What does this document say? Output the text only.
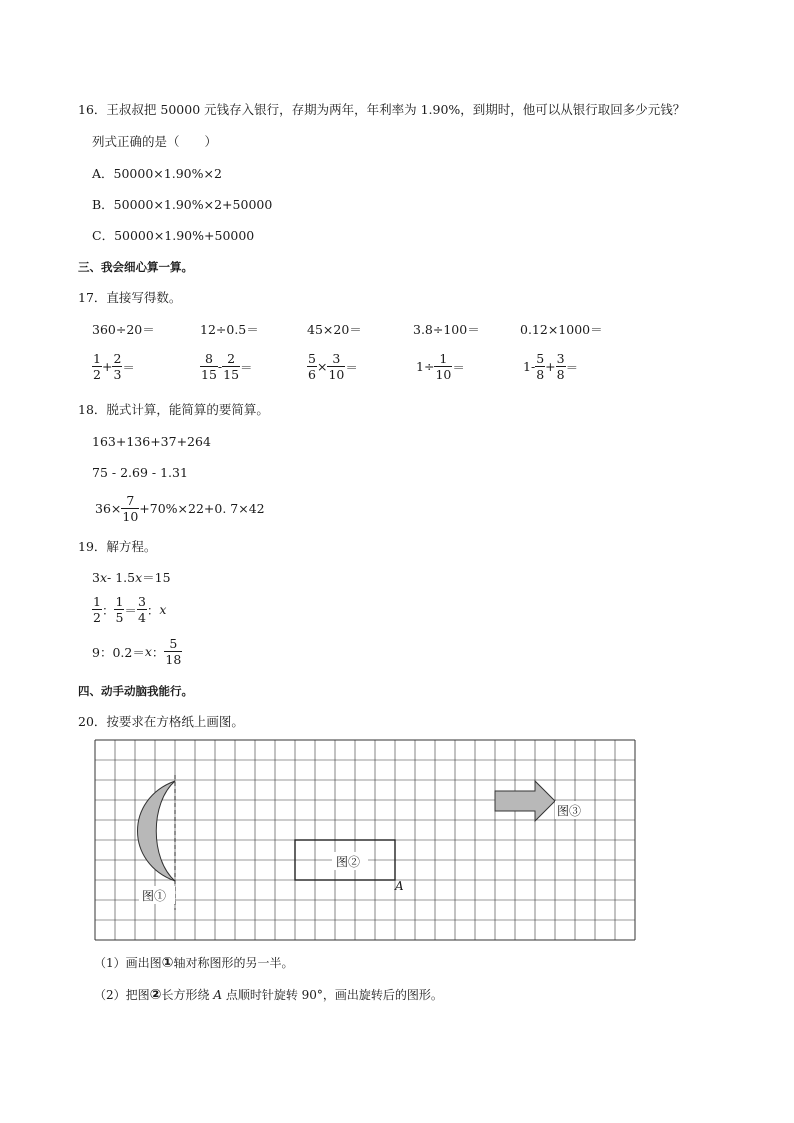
16．王叔叔把 50000 元钱存入银行，存期为两年，年利率为 1.90%，到期时，他可以从银行取回多少元钱？
列式正确的是（　　）
A．50000×1.90%×2
B．50000×1.90%×2+50000
C．50000×1.90%+50000
三、我会细心算一算。
17．直接写得数。
360÷20＝	12÷0.5＝	45×20＝	3.8÷100＝	0.12×1000＝
$\frac{1}{2} + \frac{2}{3}$ ＝	$\frac{8}{15} - \frac{2}{15}$ ＝	$\frac{5}{6} \times \frac{3}{10}$ ＝	$1\div \frac{1}{10}$ ＝	$1- \frac{5}{8} + \frac{3}{8}$ ＝
18．脱式计算，能简算的要简算。
163+136+37+264
75 - 2.69 - 1.31
$36\times \frac{7}{10} +70\%\times 22+0$. 7×42
19．解方程。
3 x - 1.5 x ＝15
$\frac{1}{2}$ ： $\frac{1}{5} = \frac{3}{4}$ ： x
9：0.2＝ x ： $\frac{5}{18}$
四、动手动脑我能行。
20．按要求在方格纸上画图。
图①
图②
A
图③
（1）画出图①轴对称图形的另一半。
（2）把图②长方形绕 A 点顺时针旋转 90°，画出旋转后的图形。
